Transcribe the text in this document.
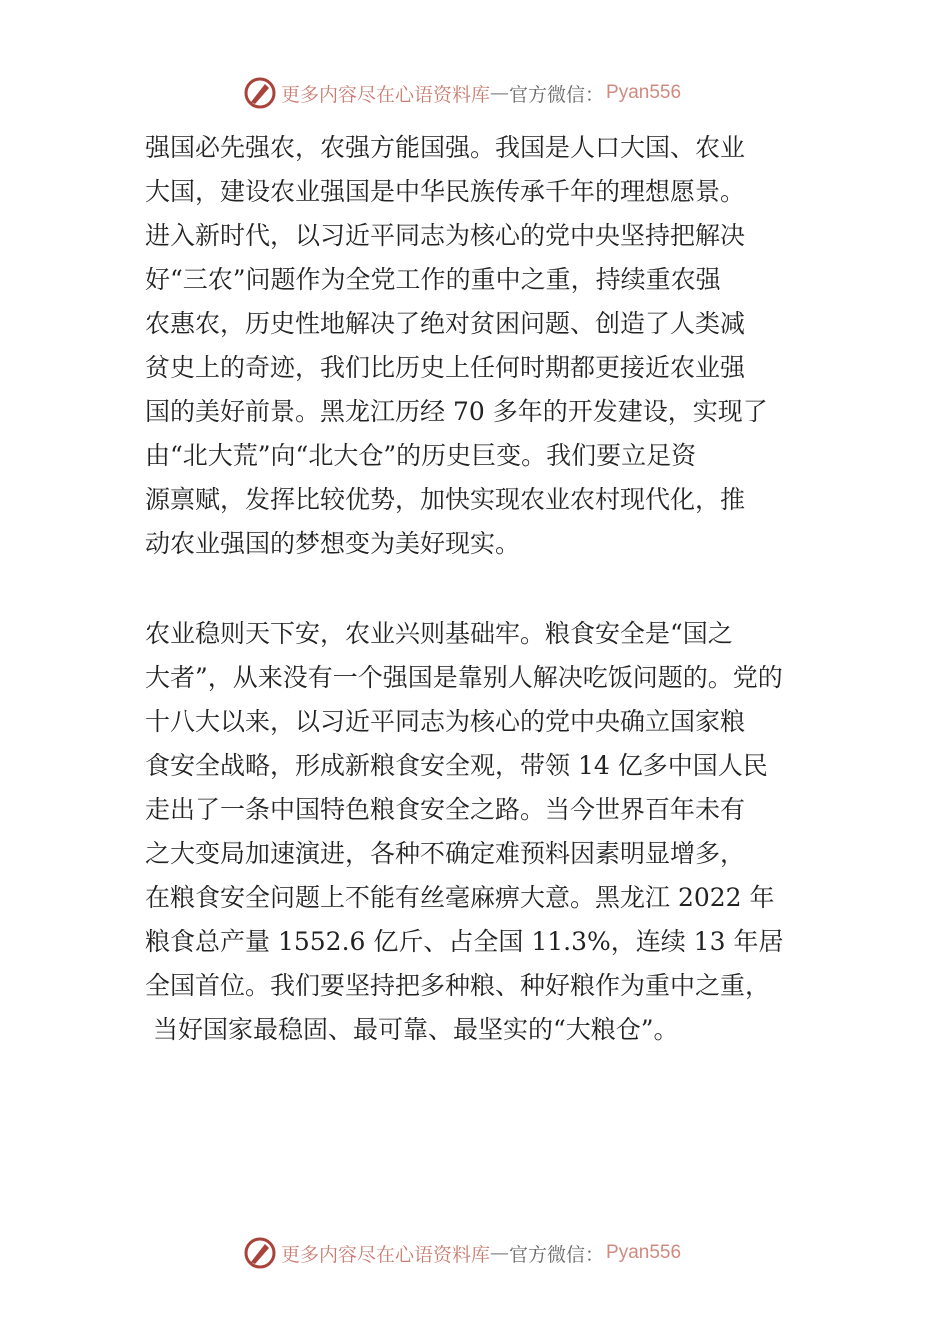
更多内容尽在心语资料库 — 官方微信： Pyan556
强国必先强农，农强方能国强。我国是人口大国、农业
大国，建设农业强国是中华民族传承千年的理想愿景。
进入新时代，以习近平同志为核心的党中央坚持把解决
好“三农”问题作为全党工作的重中之重，持续重农强
农惠农，历史性地解决了绝对贫困问题、创造了人类减
贫史上的奇迹，我们比历史上任何时期都更接近农业强
国的美好前景。黑龙江历经 70 多年的开发建设，实现了
由“北大荒”向“北大仓”的历史巨变。我们要立足资
源禀赋，发挥比较优势，加快实现农业农村现代化，推
动农业强国的梦想变为美好现实。
农业稳则天下安，农业兴则基础牢。粮食安全是“国之
大者”，从来没有一个强国是靠别人解决吃饭问题的。党的
十八大以来，以习近平同志为核心的党中央确立国家粮
食安全战略，形成新粮食安全观，带领 14 亿多中国人民
走出了一条中国特色粮食安全之路。当今世界百年未有
之大变局加速演进，各种不确定难预料因素明显增多，
在粮食安全问题上不能有丝毫麻痹大意。黑龙江 2022 年
粮食总产量 1552.6 亿斤、占全国 11.3%，连续 13 年居
全国首位。我们要坚持把多种粮、种好粮作为重中之重，
当好国家最稳固、最可靠、最坚实的“大粮仓”。
更多内容尽在心语资料库 — 官方微信： Pyan556
